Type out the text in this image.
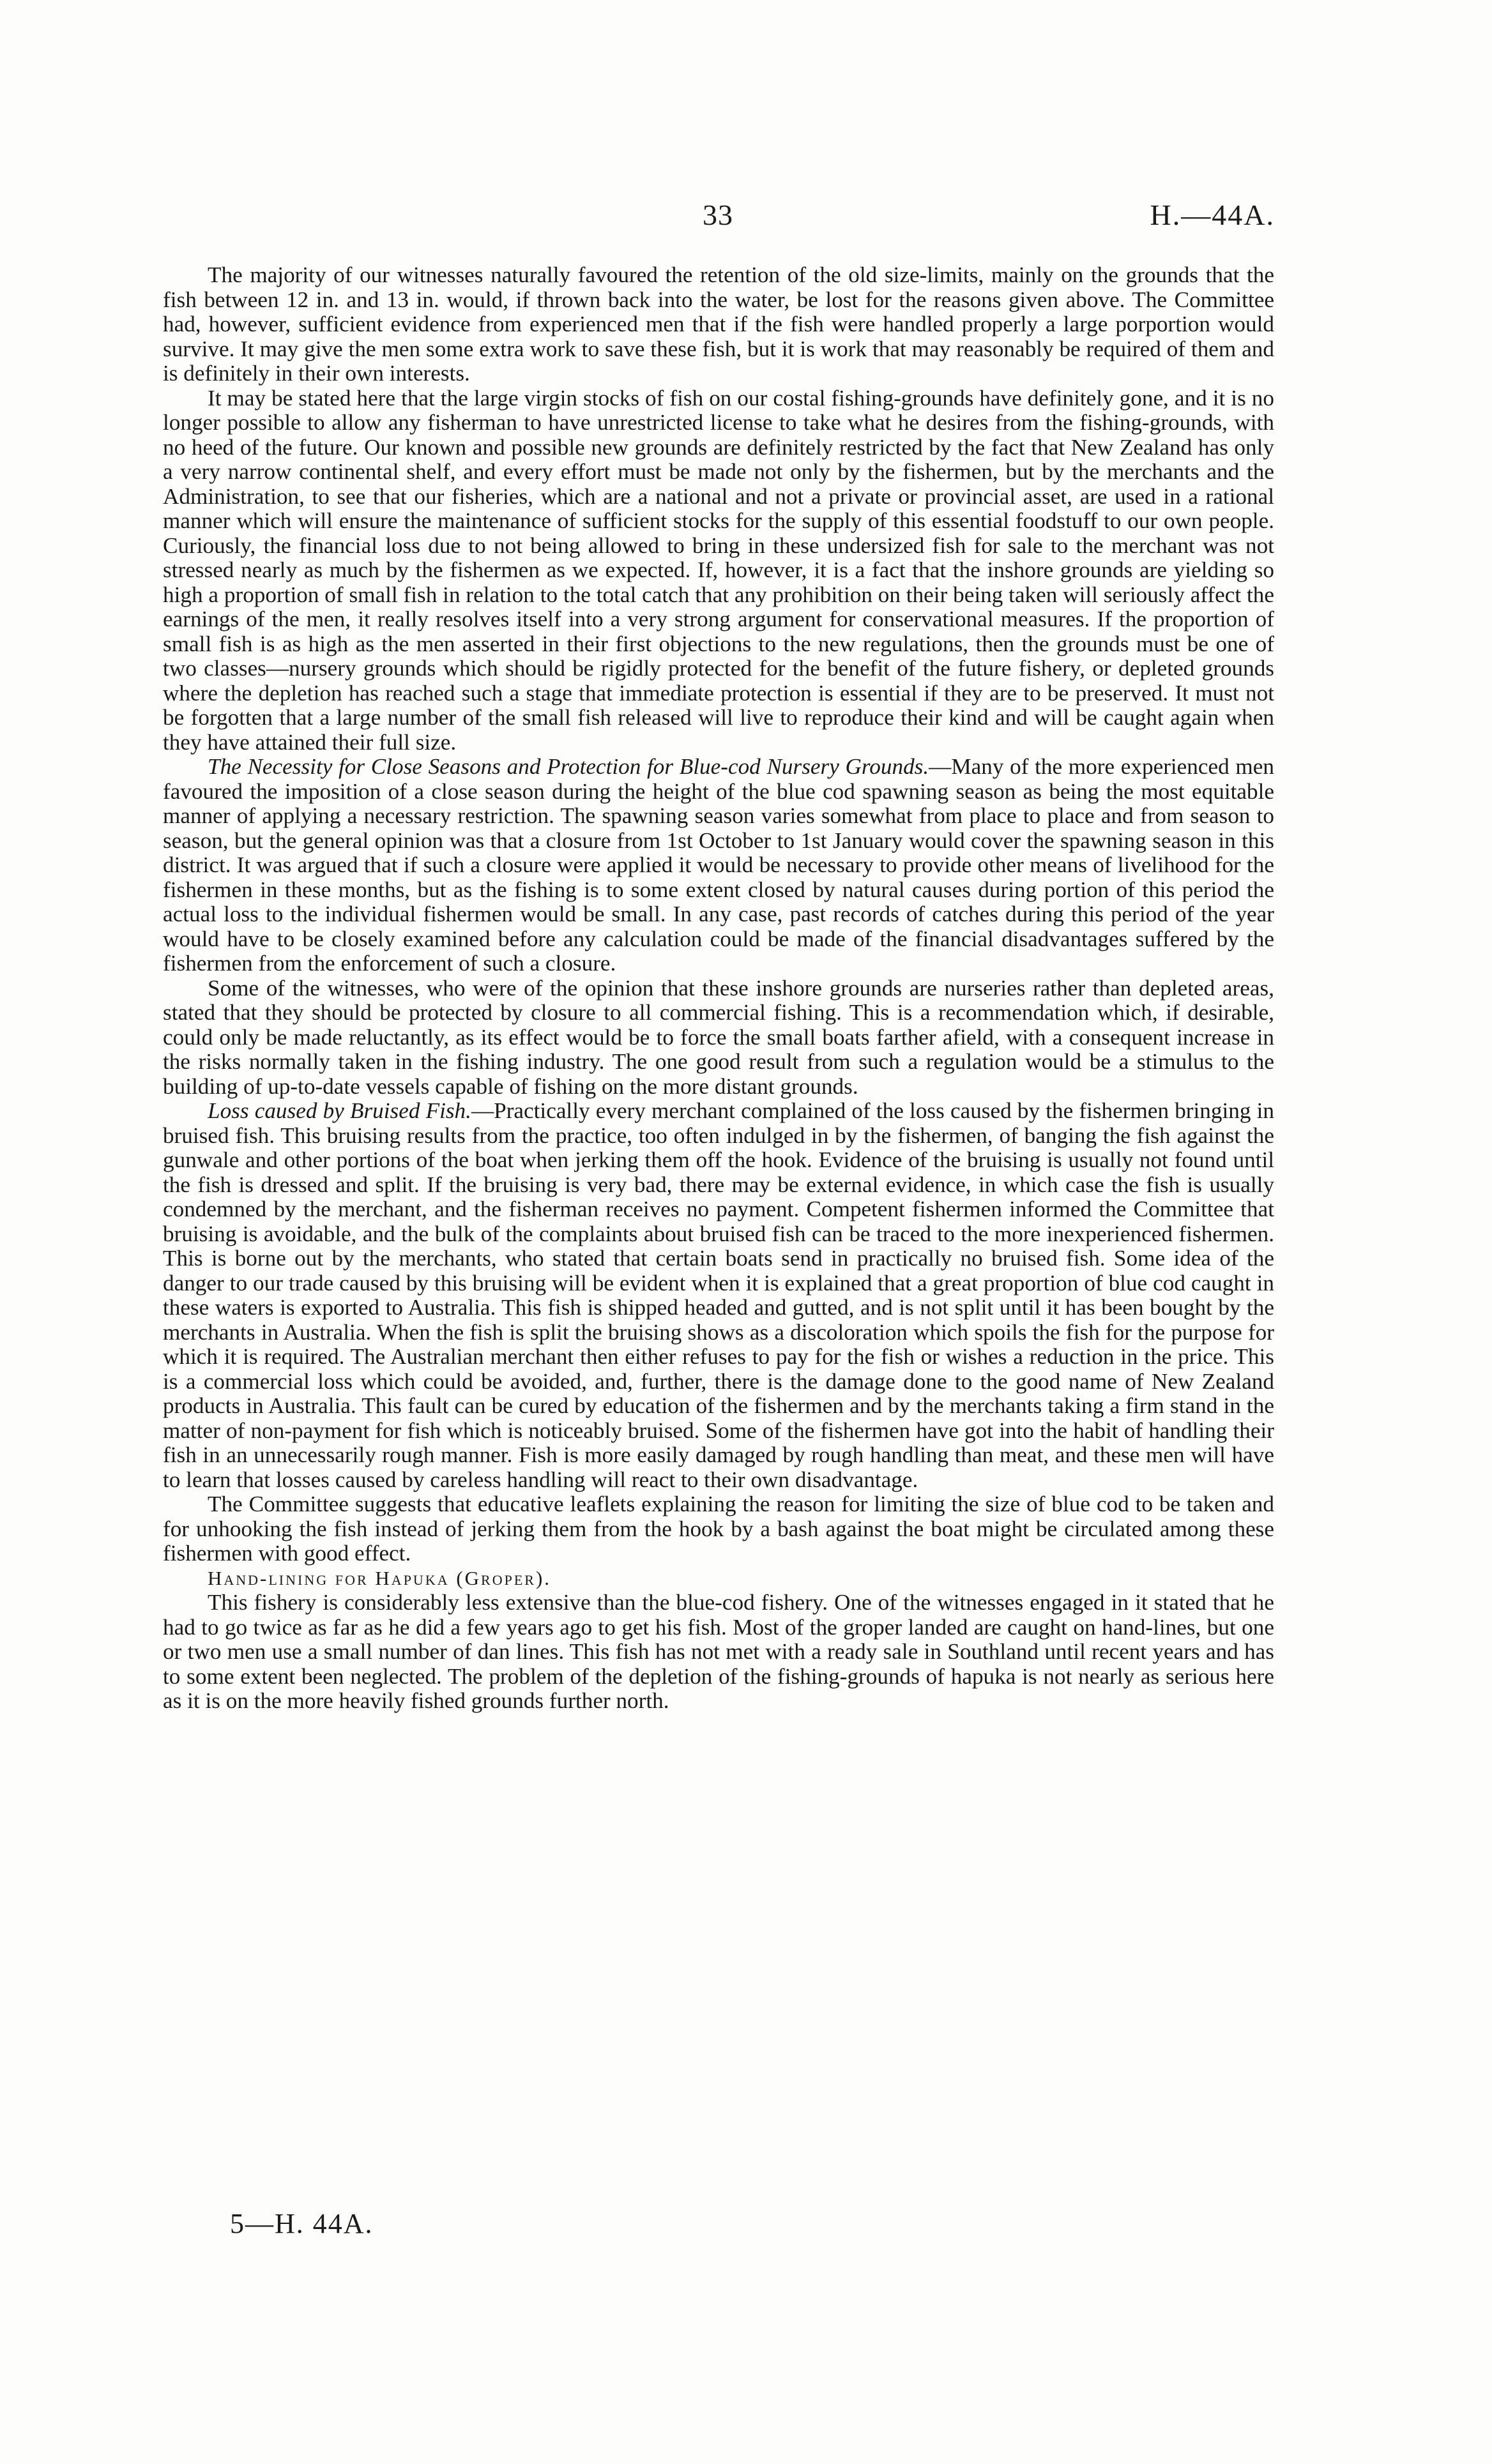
33	H.—44A.

The majority of our witnesses naturally favoured the retention of the old size-limits, mainly on the grounds that the fish between 12 in. and 13 in. would, if thrown back into the water, be lost for the reasons given above. The Committee had, however, sufficient evidence from experienced men that if the fish were handled properly a large porportion would survive. It may give the men some extra work to save these fish, but it is work that may reasonably be required of them and is definitely in their own interests.

It may be stated here that the large virgin stocks of fish on our costal fishing-grounds have definitely gone, and it is no longer possible to allow any fisherman to have unrestricted license to take what he desires from the fishing-grounds, with no heed of the future. Our known and possible new grounds are definitely restricted by the fact that New Zealand has only a very narrow continental shelf, and every effort must be made not only by the fishermen, but by the merchants and the Administration, to see that our fisheries, which are a national and not a private or provincial asset, are used in a rational manner which will ensure the maintenance of sufficient stocks for the supply of this essential foodstuff to our own people. Curiously, the financial loss due to not being allowed to bring in these undersized fish for sale to the merchant was not stressed nearly as much by the fishermen as we expected. If, however, it is a fact that the inshore grounds are yielding so high a proportion of small fish in relation to the total catch that any prohibition on their being taken will seriously affect the earnings of the men, it really resolves itself into a very strong argument for conservational measures. If the proportion of small fish is as high as the men asserted in their first objections to the new regulations, then the grounds must be one of two classes—nursery grounds which should be rigidly protected for the benefit of the future fishery, or depleted grounds where the depletion has reached such a stage that immediate protection is essential if they are to be preserved. It must not be forgotten that a large number of the small fish released will live to reproduce their kind and will be caught again when they have attained their full size.

The Necessity for Close Seasons and Protection for Blue-cod Nursery Grounds.—Many of the more experienced men favoured the imposition of a close season during the height of the blue cod spawning season as being the most equitable manner of applying a necessary restriction. The spawning season varies somewhat from place to place and from season to season, but the general opinion was that a closure from 1st October to 1st January would cover the spawning season in this district. It was argued that if such a closure were applied it would be necessary to provide other means of livelihood for the fishermen in these months, but as the fishing is to some extent closed by natural causes during portion of this period the actual loss to the individual fishermen would be small. In any case, past records of catches during this period of the year would have to be closely examined before any calculation could be made of the financial disadvantages suffered by the fishermen from the enforcement of such a closure.

Some of the witnesses, who were of the opinion that these inshore grounds are nurseries rather than depleted areas, stated that they should be protected by closure to all commercial fishing. This is a recommendation which, if desirable, could only be made reluctantly, as its effect would be to force the small boats farther afield, with a consequent increase in the risks normally taken in the fishing industry. The one good result from such a regulation would be a stimulus to the building of up-to-date vessels capable of fishing on the more distant grounds.

Loss caused by Bruised Fish.—Practically every merchant complained of the loss caused by the fishermen bringing in bruised fish. This bruising results from the practice, too often indulged in by the fishermen, of banging the fish against the gunwale and other portions of the boat when jerking them off the hook. Evidence of the bruising is usually not found until the fish is dressed and split. If the bruising is very bad, there may be external evidence, in which case the fish is usually condemned by the merchant, and the fisherman receives no payment. Competent fishermen informed the Committee that bruising is avoidable, and the bulk of the complaints about bruised fish can be traced to the more inexperienced fishermen. This is borne out by the merchants, who stated that certain boats send in practically no bruised fish. Some idea of the danger to our trade caused by this bruising will be evident when it is explained that a great proportion of blue cod caught in these waters is exported to Australia. This fish is shipped headed and gutted, and is not split until it has been bought by the merchants in Australia. When the fish is split the bruising shows as a discoloration which spoils the fish for the purpose for which it is required. The Australian merchant then either refuses to pay for the fish or wishes a reduction in the price. This is a commercial loss which could be avoided, and, further, there is the damage done to the good name of New Zealand products in Australia. This fault can be cured by education of the fishermen and by the merchants taking a firm stand in the matter of non-payment for fish which is noticeably bruised. Some of the fishermen have got into the habit of handling their fish in an unnecessarily rough manner. Fish is more easily damaged by rough handling than meat, and these men will have to learn that losses caused by careless handling will react to their own disadvantage.

The Committee suggests that educative leaflets explaining the reason for limiting the size of blue cod to be taken and for unhooking the fish instead of jerking them from the hook by a bash against the boat might be circulated among these fishermen with good effect.

Hand-lining for Hapuka (Groper).

This fishery is considerably less extensive than the blue-cod fishery. One of the witnesses engaged in it stated that he had to go twice as far as he did a few years ago to get his fish. Most of the groper landed are caught on hand-lines, but one or two men use a small number of dan lines. This fish has not met with a ready sale in Southland until recent years and has to some extent been neglected. The problem of the depletion of the fishing-grounds of hapuka is not nearly as serious here as it is on the more heavily fished grounds further north.

5—H. 44A.
